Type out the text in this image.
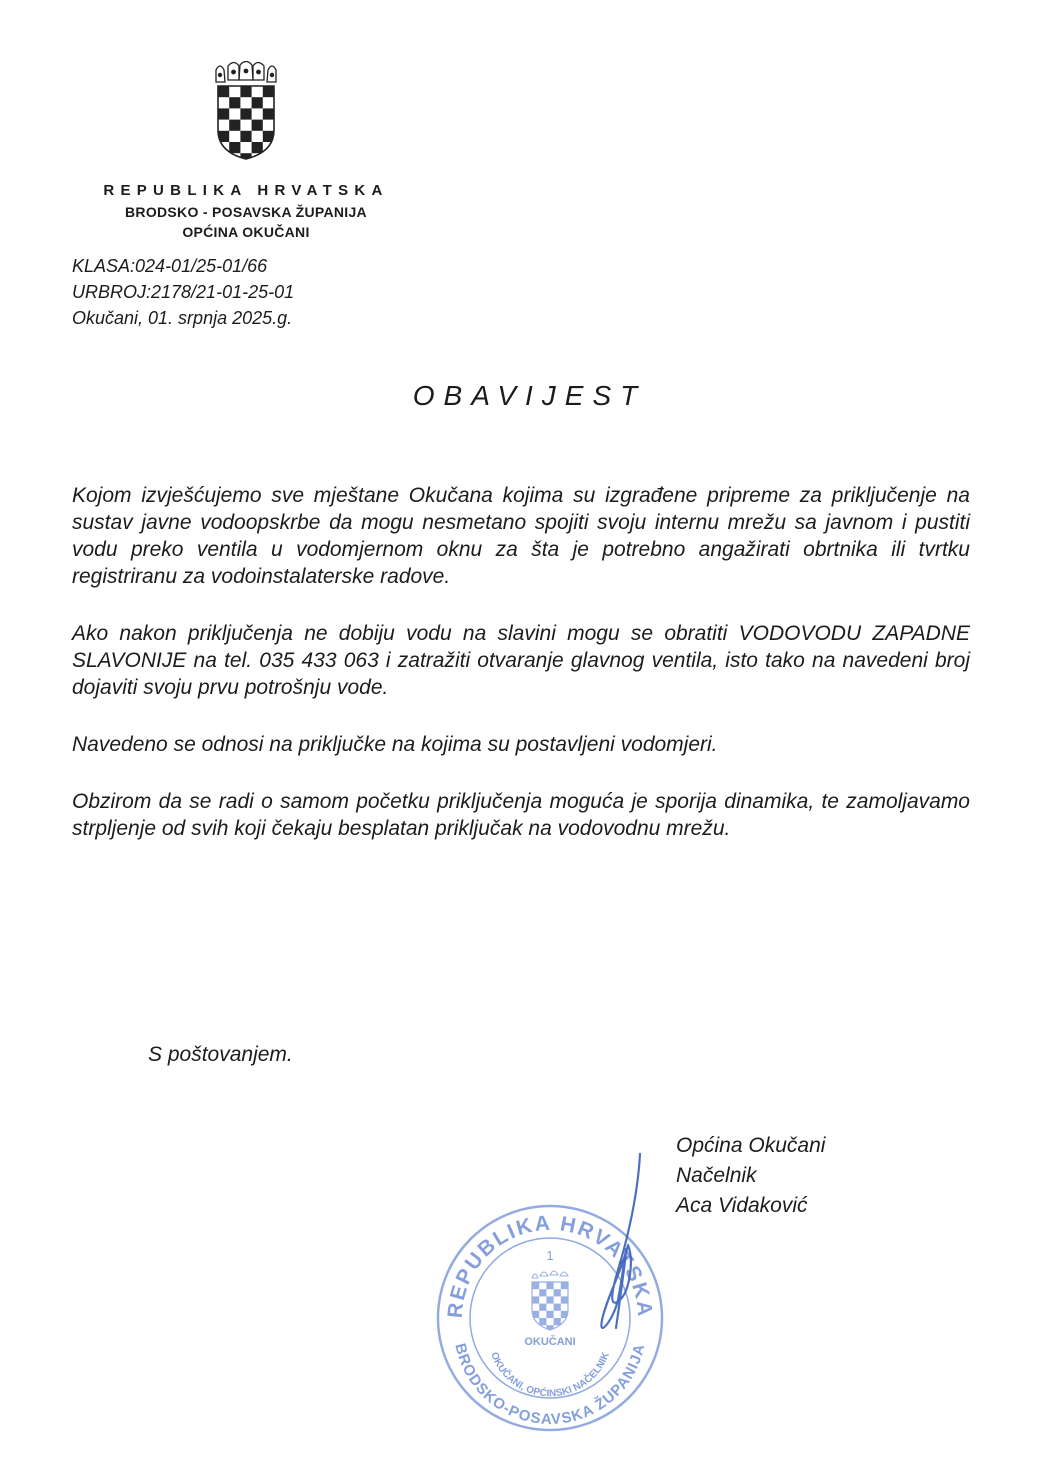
REPUBLIKA HRVATSKA
BRODSKO - POSAVSKA ŽUPANIJA
OPĆINA OKUČANI
KLASA:024-01/25-01/66
URBROJ:2178/21-01-25-01
Okučani, 01. srpnja 2025.g.
OBAVIJEST

Kojom izvješćujemo sve mještane Okučana kojima su izgrađene pripreme za priključenje na sustav javne vodoopskrbe da mogu nesmetano spojiti svoju internu mrežu sa javnom i pustiti vodu preko ventila u vodomjernom oknu za šta je potrebno angažirati obrtnika ili tvrtku registriranu za vodoinstalaterske radove.

Ako nakon priključenja ne dobiju vodu na slavini mogu se obratiti VODOVODU ZAPADNE SLAVONIJE na tel. 035 433 063 i zatražiti otvaranje glavnog ventila, isto tako na navedeni broj dojaviti svoju prvu potrošnju vode.

Navedeno se odnosi na priključke na kojima su postavljeni vodomjeri.

Obzirom da se radi o samom početku priključenja moguća je sporija dinamika, te zamoljavamo strpljenje od svih koji čekaju besplatan priključak na vodovodnu mrežu.

S poštovanjem.
Općina Okučani
Načelnik
Aca Vidaković
REPUBLIKA HRVATSKA
BRODSKO-POSAVSKA ŽUPANIJA
OKUČANI, OPĆINSKI NAČELNIK
1
OKUČANI
